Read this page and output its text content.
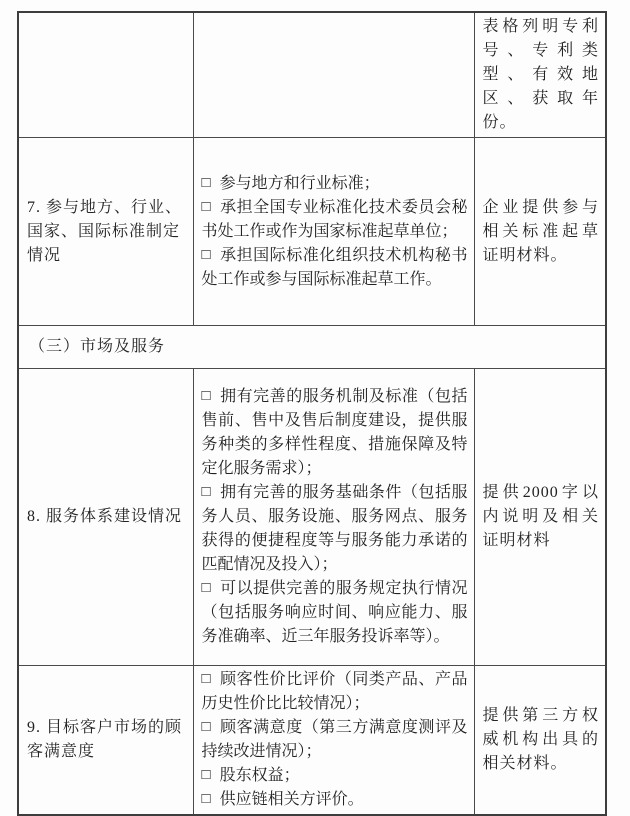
		表格列明专利号、专利类型、有效地区、获取年份。
7. 参与地方、行业、国家、国际标准制定情况	□ 参与地方和行业标准；

□ 承担全国专业标准化技术委员会秘书处工作或作为国家标准起草单位；

□ 承担国际标准化组织技术机构秘书处工作或参与国际标准起草工作。	企业提供参与相关标准起草证明材料。
（三）市场及服务		
8. 服务体系建设情况	□ 拥有完善的服务机制及标准（包括售前、售中及售后制度建设，提供服务种类的多样性程度、措施保障及特定化服务需求）；

□ 拥有完善的服务基础条件（包括服务人员、服务设施、服务网点、服务获得的便捷程度等与服务能力承诺的匹配情况及投入）；

□ 可以提供完善的服务规定执行情况（包括服务响应时间、响应能力、服务准确率、近三年服务投诉率等）。	提供2000字以内说明及相关证明材料
9. 目标客户市场的顾客满意度	□ 顾客性价比评价（同类产品、产品历史性价比比较情况）；

□ 顾客满意度（第三方满意度测评及持续改进情况）；

□ 股东权益；

□ 供应链相关方评价。	提供第三方权威机构出具的相关材料。
